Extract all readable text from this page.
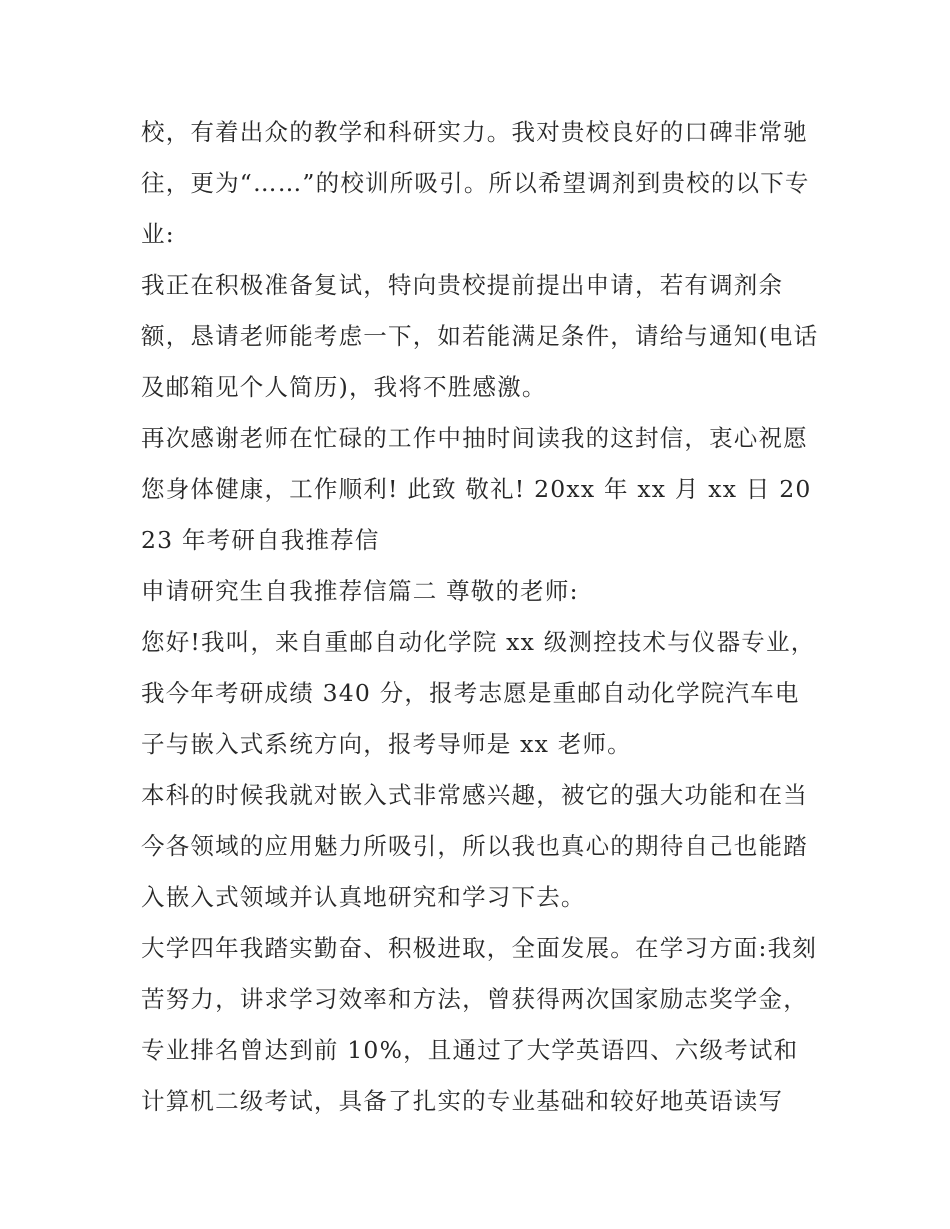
校，有着出众的教学和科研实力。我对贵校良好的口碑非常驰往，更为“……”的校训所吸引。所以希望调剂到贵校的以下专业:

我正在积极准备复试，特向贵校提前提出申请，若有调剂余额，恳请老师能考虑一下，如若能满足条件，请给与通知(电话及邮箱见个人简历)，我将不胜感激。

再次感谢老师在忙碌的工作中抽时间读我的这封信，衷心祝愿您身体健康，工作顺利! 此致 敬礼! 20xx 年 xx 月 xx 日 2023 年考研自我推荐信

申请研究生自我推荐信篇二 尊敬的老师:

您好!我叫，来自重邮自动化学院 xx 级测控技术与仪器专业，我今年考研成绩 340 分，报考志愿是重邮自动化学院汽车电子与嵌入式系统方向，报考导师是 xx 老师。

本科的时候我就对嵌入式非常感兴趣，被它的强大功能和在当今各领域的应用魅力所吸引，所以我也真心的期待自己也能踏入嵌入式领域并认真地研究和学习下去。

大学四年我踏实勤奋、积极进取，全面发展。在学习方面:我刻苦努力，讲求学习效率和方法，曾获得两次国家励志奖学金，专业排名曾达到前 10%，且通过了大学英语四、六级考试和计算机二级考试，具备了扎实的专业基础和较好地英语读写
